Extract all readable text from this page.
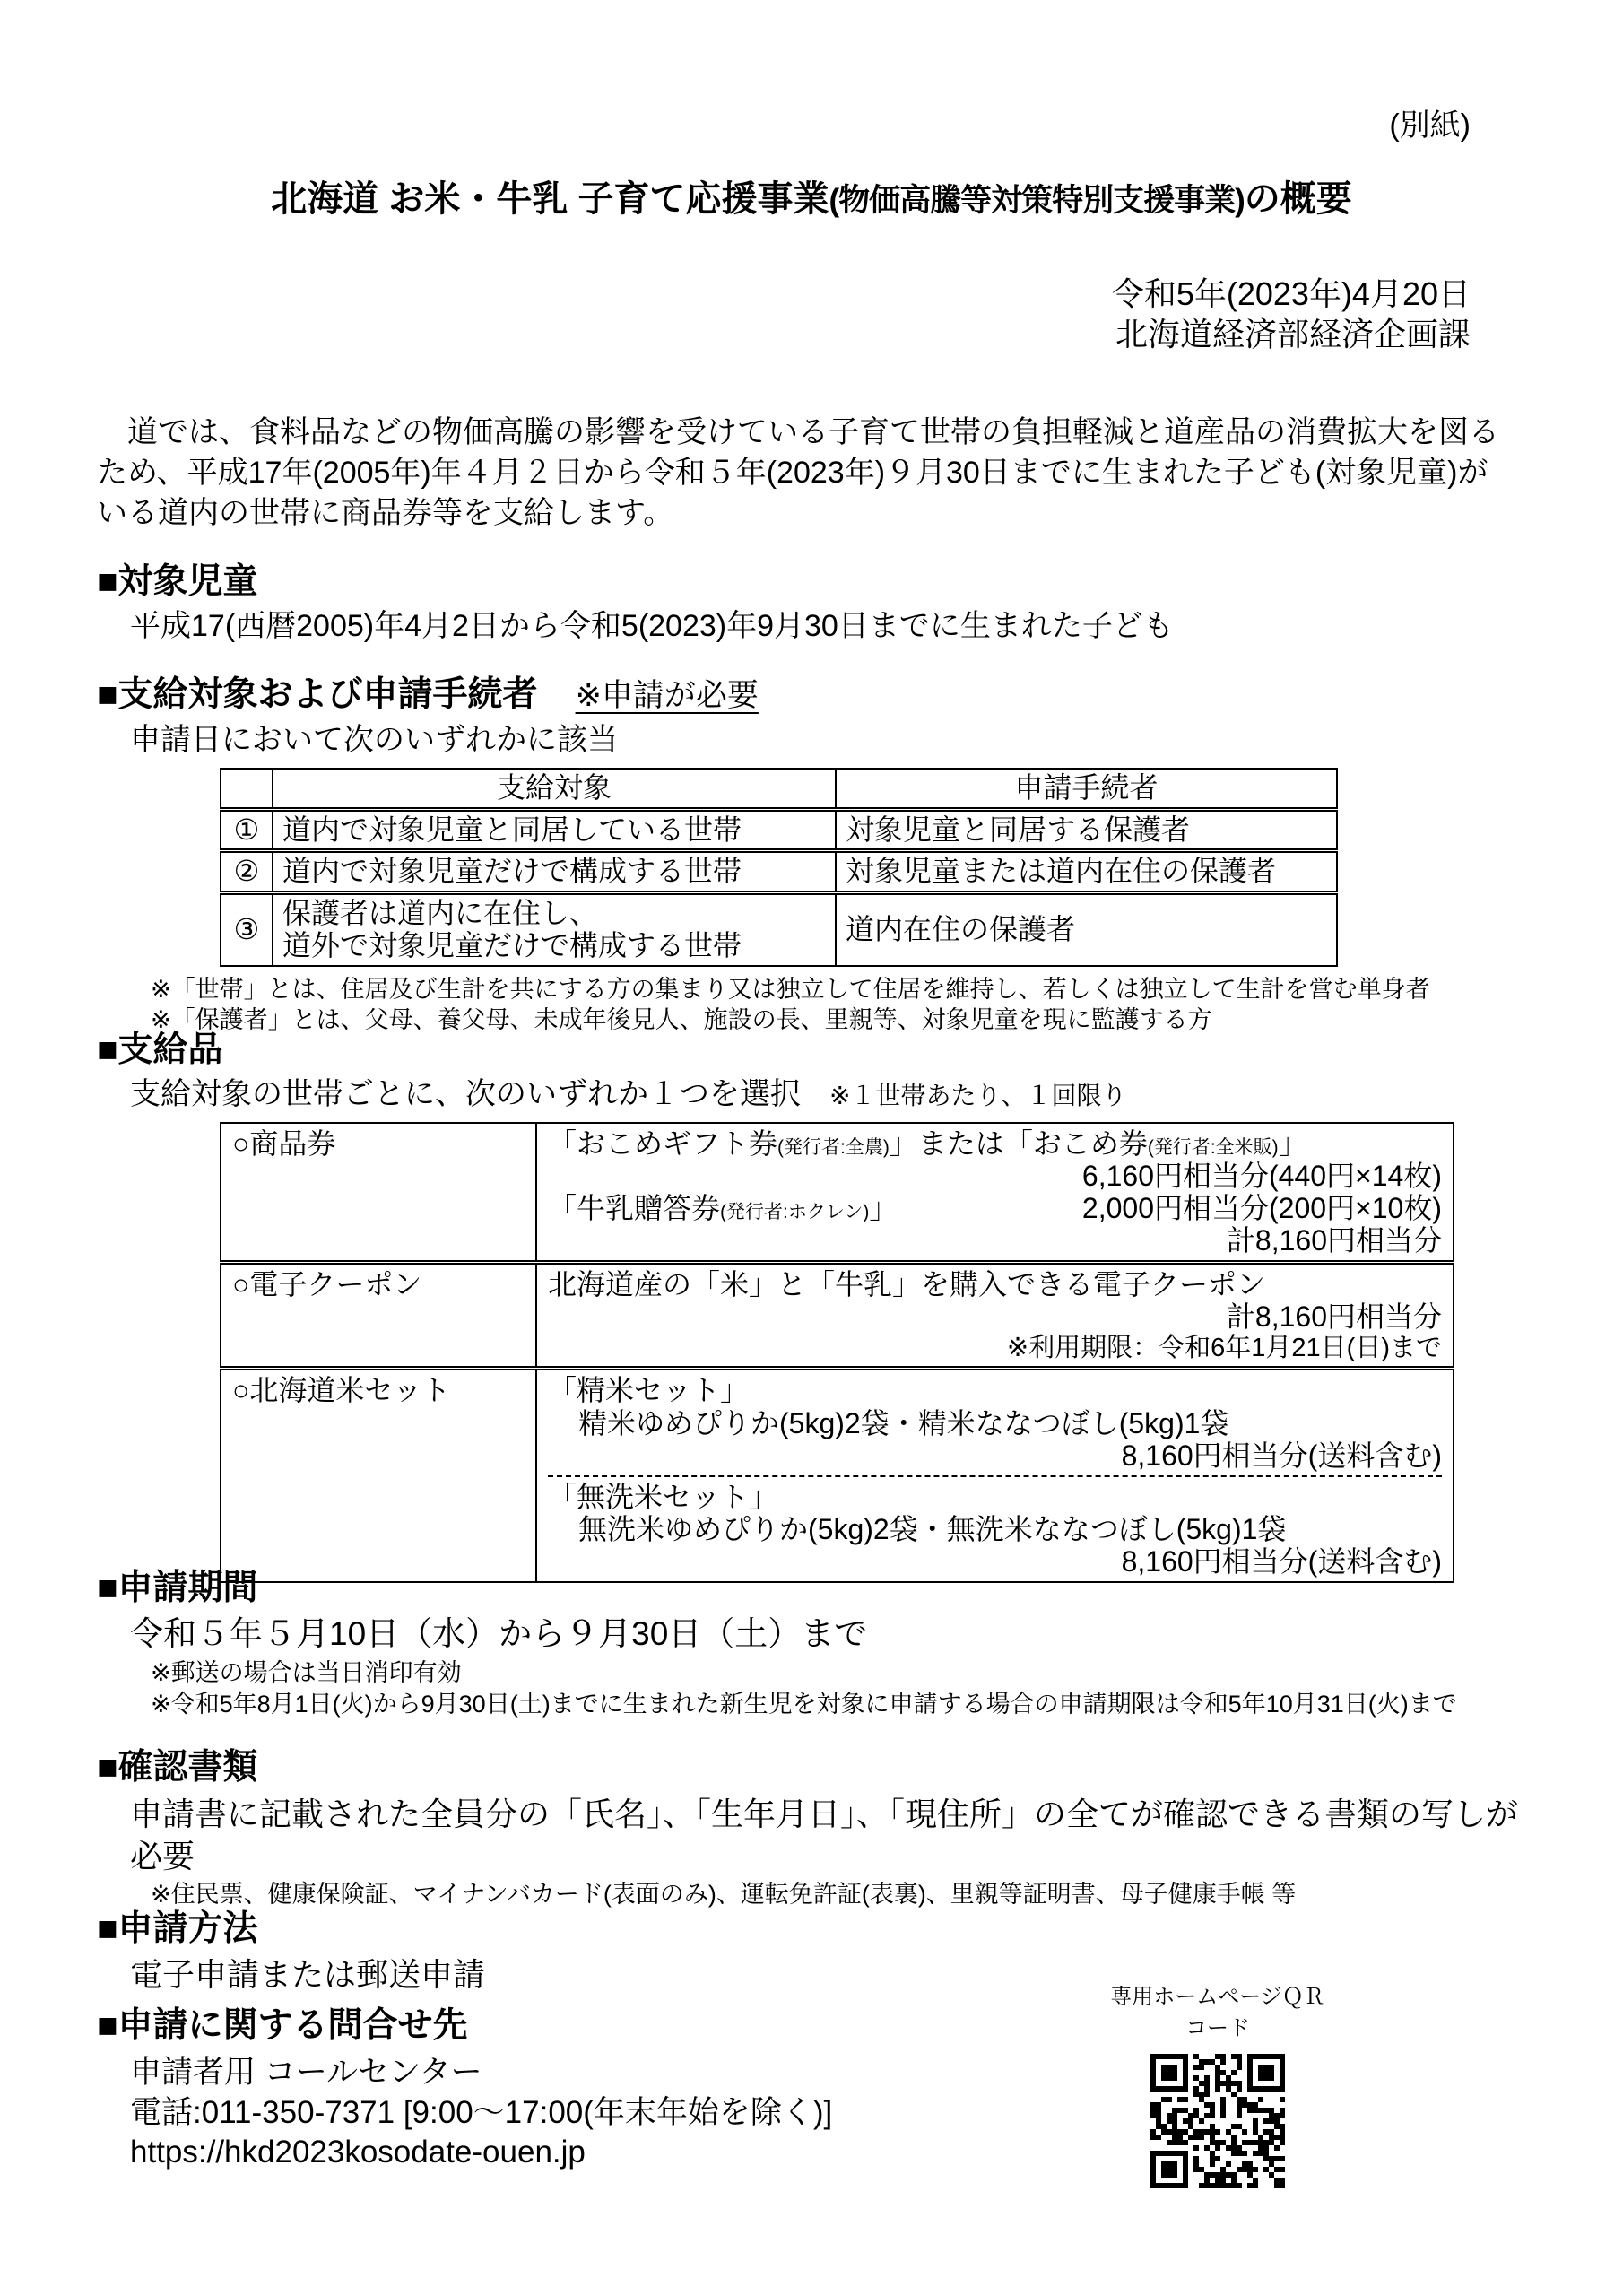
(別紙)
北海道 お米・牛乳 子育て応援事業(物価高騰等対策特別支援事業)の概要
令和5年(2023年)4月20日
北海道経済部経済企画課
　道では、食料品などの物価高騰の影響を受けている子育て世帯の負担軽減と道産品の消費拡大を図るため、平成17年(2005年)年４月２日から令和５年(2023年)９月30日までに生まれた子ども(対象児童)がいる道内の世帯に商品券等を支給します。
■対象児童
平成17(西暦2005)年4月2日から令和5(2023)年9月30日までに生まれた子ども
■支給対象および申請手続者 ※申請が必要
申請日において次のいずれかに該当
	支給対象	申請手続者
①	道内で対象児童と同居している世帯	対象児童と同居する保護者
②	道内で対象児童だけで構成する世帯	対象児童または道内在住の保護者
③	保護者は道内に在住し、
道外で対象児童だけで構成する世帯	道内在住の保護者
※「世帯」とは、住居及び生計を共にする方の集まり又は独立して住居を維持し、若しくは独立して生計を営む単身者
※「保護者」とは、父母、養父母、未成年後見人、施設の長、里親等、対象児童を現に監護する方
■支給品
支給対象の世帯ごとに、次のいずれか１つを選択 ※１世帯あたり、１回限り
○商品券	「おこめギフト券(発行者:全農)」または「おこめ券(発行者:全米販)」
6,160円相当分(440円×14枚)
「牛乳贈答券(発行者:ホクレン)」 2,000円相当分(200円×10枚)
計8,160円相当分

○電子クーポン	北海道産の「米」と「牛乳」を購入できる電子クーポン
計8,160円相当分
※利用期限：令和6年1月21日(日)まで

○北海道米セット	「精米セット」
精米ゆめぴりか(5kg)2袋・精米ななつぼし(5kg)1袋
8,160円相当分(送料含む)
「無洗米セット」
無洗米ゆめぴりか(5kg)2袋・無洗米ななつぼし(5kg)1袋
8,160円相当分(送料含む)
■申請期間
令和５年５月10日（水）から９月30日（土）まで
※郵送の場合は当日消印有効
※令和5年8月1日(火)から9月30日(土)までに生まれた新生児を対象に申請する場合の申請期限は令和5年10月31日(火)まで
■確認書類
申請書に記載された全員分の「氏名」、「生年月日」、「現住所」の全てが確認できる書類の写しが必要
※住民票、健康保険証、マイナンバカード(表面のみ)、運転免許証(表裏)、里親等証明書、母子健康手帳 等
■申請方法
電子申請または郵送申請
■申請に関する問合せ先
申請者用 コールセンター
電話:011-350-7371 [9:00～17:00(年末年始を除く)]
https://hkd2023kosodate-ouen.jp
専用ホームページＱＲコード
